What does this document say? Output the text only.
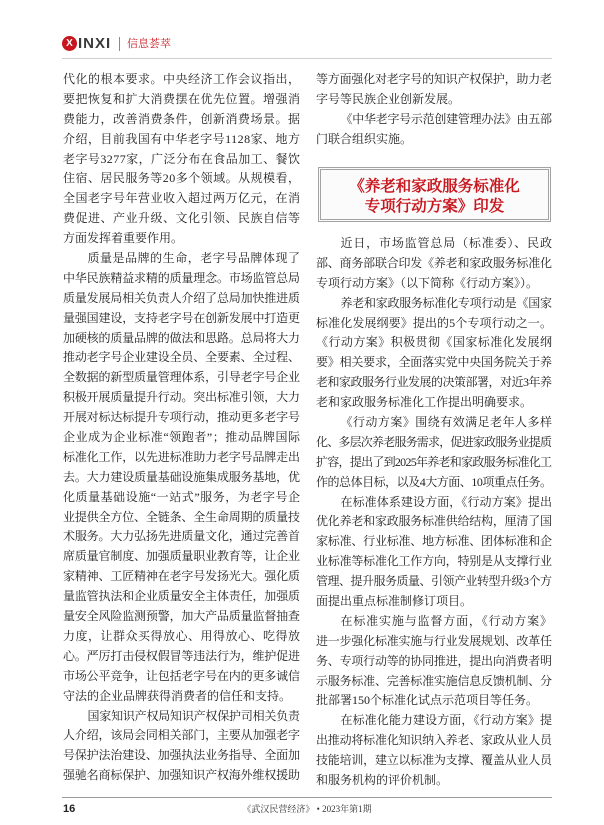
X INXI 信息荟萃
代化的根本要求。中央经济工作会议指出，
要把恢复和扩大消费摆在优先位置。增强消
费能力，改善消费条件，创新消费场景。据
介绍，目前我国有中华老字号1128家、地方
老字号3277家，广泛分布在食品加工、餐饮
住宿、居民服务等20多个领域。从规模看，
全国老字号年营业收入超过两万亿元，在消
费促进、产业升级、文化引领、民族自信等
方面发挥着重要作用。
质量是品牌的生命，老字号品牌体现了
中华民族精益求精的质量理念。市场监管总局
质量发展局相关负责人介绍了总局加快推进质
量强国建设，支持老字号在创新发展中打造更
加硬核的质量品牌的做法和思路。总局将大力
推动老字号企业建设全员、全要素、全过程、
全数据的新型质量管理体系，引导老字号企业
积极开展质量提升行动。突出标准引领，大力
开展对标达标提升专项行动，推动更多老字号
企业成为企业标准“领跑者”；推动品牌国际
标准化工作，以先进标准助力老字号品牌走出
去。大力建设质量基础设施集成服务基地，优
化质量基础设施“一站式”服务，为老字号企
业提供全方位、全链条、全生命周期的质量技
术服务。大力弘扬先进质量文化，通过完善首
席质量官制度、加强质量职业教育等，让企业
家精神、工匠精神在老字号发扬光大。强化质
量监管执法和企业质量安全主体责任，加强质
量安全风险监测预警，加大产品质量监督抽查
力度，让群众买得放心、用得放心、吃得放
心。严厉打击侵权假冒等违法行为，维护促进
市场公平竞争，让包括老字号在内的更多诚信
守法的企业品牌获得消费者的信任和支持。
国家知识产权局知识产权保护司相关负责
人介绍，该局会同相关部门，主要从加强老字
号保护法治建设、加强执法业务指导、全面加
强驰名商标保护、加强知识产权海外维权援助
等方面强化对老字号的知识产权保护，助力老
字号等民族企业创新发展。
《中华老字号示范创建管理办法》由五部
门联合组织实施。
《养老和家政服务标准化
专项行动方案》印发
近日，市场监管总局（标准委）、民政
部、商务部联合印发《养老和家政服务标准化
专项行动方案》（以下简称《行动方案》）。
养老和家政服务标准化专项行动是《国家
标准化发展纲要》提出的5个专项行动之一。
《行动方案》积极贯彻《国家标准化发展纲
要》相关要求，全面落实党中央国务院关于养
老和家政服务行业发展的决策部署，对近3年养
老和家政服务标准化工作提出明确要求。
《行动方案》围绕有效满足老年人多样
化、多层次养老服务需求，促进家政服务业提质
扩容，提出了到2025年养老和家政服务标准化工
作的总体目标，以及4大方面、10项重点任务。
在标准体系建设方面，《行动方案》提出
优化养老和家政服务标准供给结构，厘清了国
家标准、行业标准、地方标准、团体标准和企
业标准等标准化工作方向，特别是从支撑行业
管理、提升服务质量、引领产业转型升级3个方
面提出重点标准制修订项目。
在标准实施与监督方面，《行动方案》
进一步强化标准实施与行业发展规划、改革任
务、专项行动等的协同推进，提出向消费者明
示服务标准、完善标准实施信息反馈机制、分
批部署150个标准化试点示范项目等任务。
在标准化能力建设方面，《行动方案》提
出推动将标准化知识纳入养老、家政从业人员
技能培训，建立以标准为支撑、覆盖从业人员
和服务机构的评价机制。
16	《武汉民营经济》 • 2023年第1期
